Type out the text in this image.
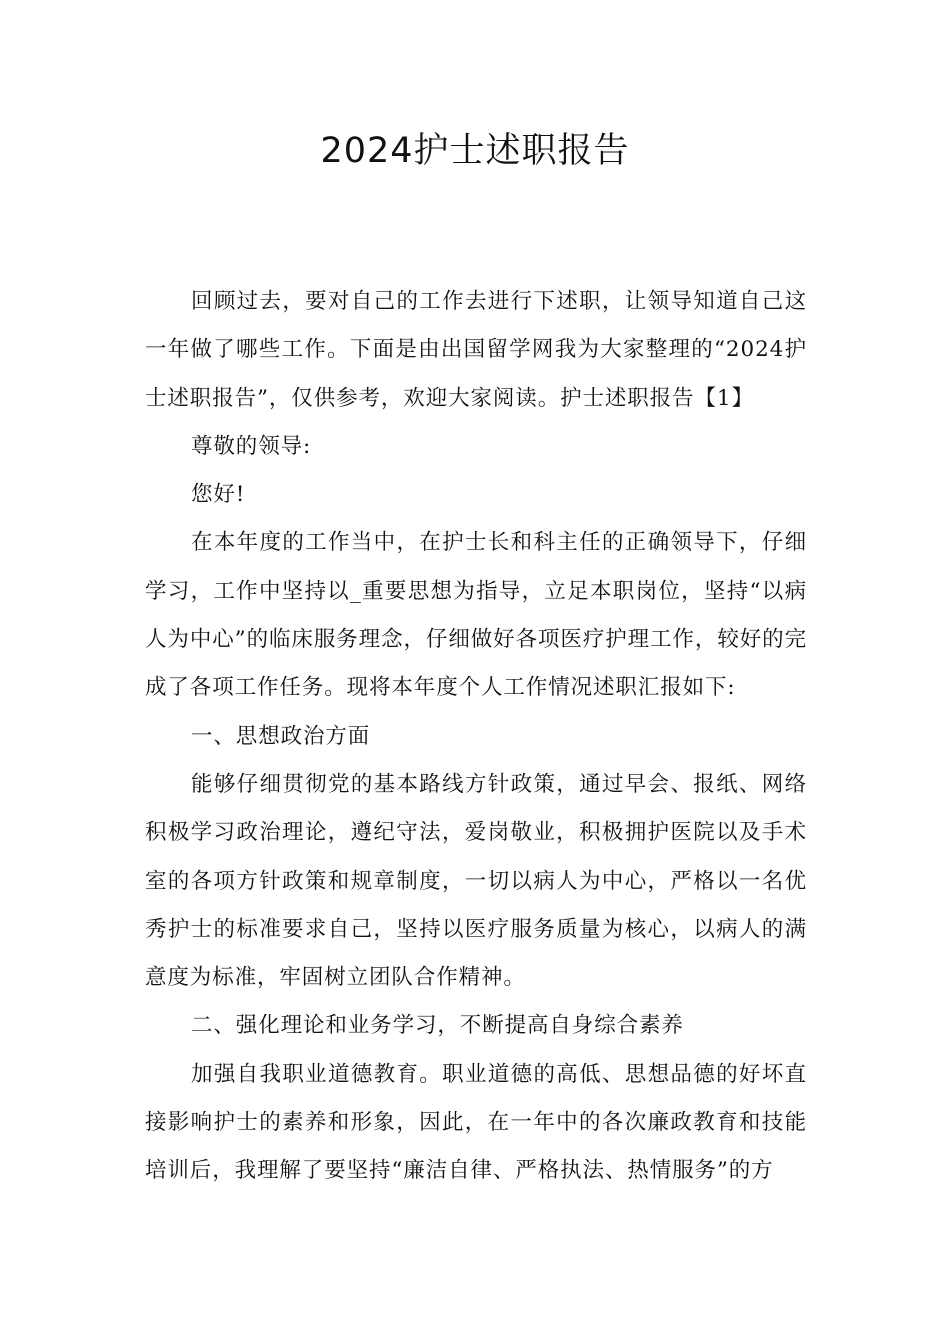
2024护士述职报告

回顾过去，要对自己的工作去进行下述职，让领导知道自己这一年做了哪些工作。下面是由出国留学网我为大家整理的“2024护士述职报告”，仅供参考，欢迎大家阅读。护士述职报告【1】

尊敬的领导:

您好!

在本年度的工作当中，在护士长和科主任的正确领导下，仔细学习，工作中坚持以_重要思想为指导，立足本职岗位，坚持“以病人为中心”的临床服务理念，仔细做好各项医疗护理工作，较好的完成了各项工作任务。现将本年度个人工作情况述职汇报如下:

一、思想政治方面

能够仔细贯彻党的基本路线方针政策，通过早会、报纸、网络积极学习政治理论，遵纪守法，爱岗敬业，积极拥护医院以及手术室的各项方针政策和规章制度，一切以病人为中心，严格以一名优秀护士的标准要求自己，坚持以医疗服务质量为核心，以病人的满意度为标准，牢固树立团队合作精神。

二、强化理论和业务学习，不断提高自身综合素养

加强自我职业道德教育。职业道德的高低、思想品德的好坏直接影响护士的素养和形象，因此，在一年中的各次廉政教育和技能培训后，我理解了要坚持“廉洁自律、严格执法、热情服务”的方
